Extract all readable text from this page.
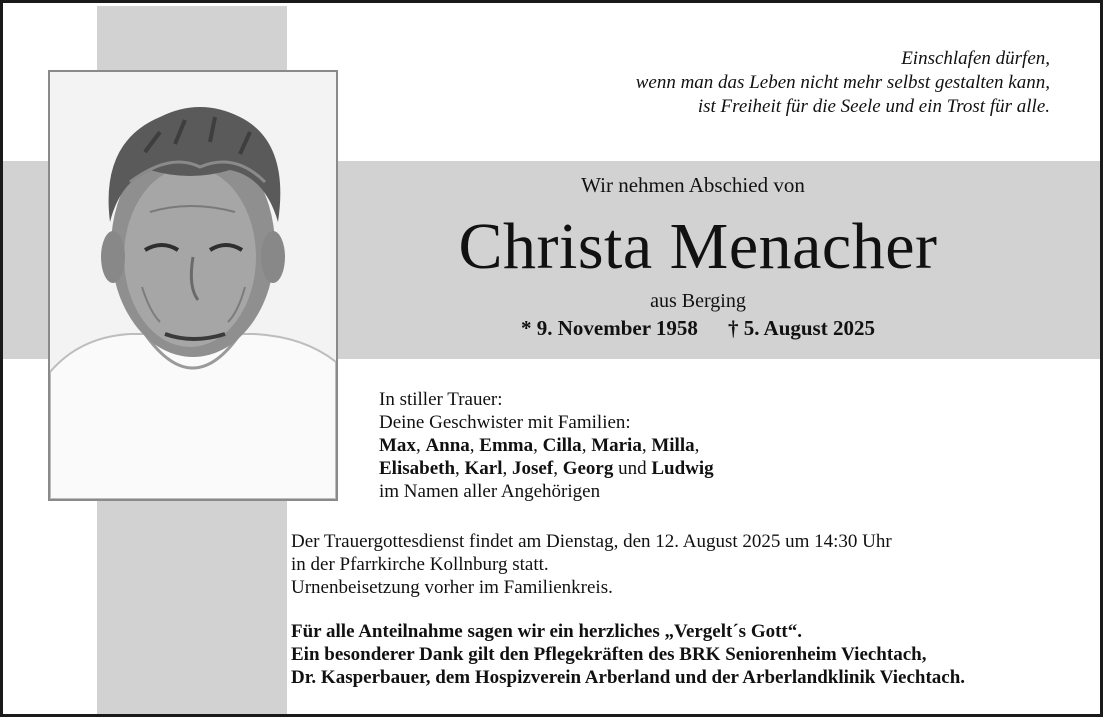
Einschlafen dürfen,
wenn man das Leben nicht mehr selbst gestalten kann,
ist Freiheit für die Seele und ein Trost für alle.
Wir nehmen Abschied von
Christa Menacher
aus Berging
* 9. November 1958 † 5. August 2025
In stiller Trauer:
Deine Geschwister mit Familien:
Max, Anna, Emma, Cilla, Maria, Milla,
Elisabeth, Karl, Josef, Georg und Ludwig
im Namen aller Angehörigen
Der Trauergottesdienst findet am Dienstag, den 12. August 2025 um 14:30 Uhr
in der Pfarrkirche Kollnburg statt.
Urnenbeisetzung vorher im Familienkreis.
Für alle Anteilnahme sagen wir ein herzliches „Vergelt´s Gott“.
Ein besonderer Dank gilt den Pflegekräften des BRK Seniorenheim Viechtach,
Dr. Kasperbauer, dem Hospizverein Arberland und der Arberlandklinik Viechtach.
